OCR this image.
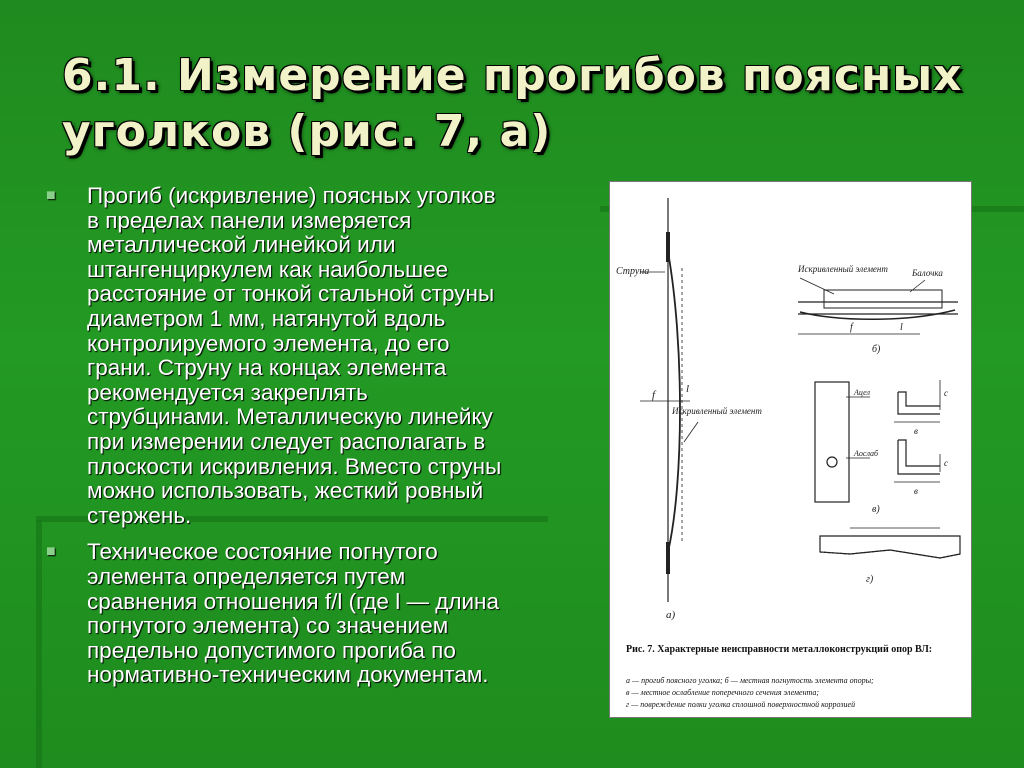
6.1. Измерение прогибов поясных уголков (рис. 7, а)
■ Прогиб (искривление) поясных уголков в пределах панели измеряется металлической линейкой или штангенциркулем как наибольшее расстояние от тонкой стальной струны диаметром 1 мм, натянутой вдоль контролируемого элемента, до его грани. Струну на концах элемента рекомендуется закреплять струбцинами. Металлическую линейку при измерении следует располагать в плоскости искривления. Вместо струны можно использовать, жесткий ровный стержень.
■ Техническое состояние погнутого элемента определяется путем сравнения отношения f/l (где l — длина погнутого элемента) со значением предельно допустимого прогиба по нормативно-техническим документам.
Струна
Искривленный элемент
f	l
а)
Искривленный элемент	Балочка
f	l
б)
Aцел
Aослаб
с
с
в
в
в)
г)
Рис. 7. Характерные неисправности металлоконструкций опор ВЛ:
а — прогиб поясного уголка; б — местная погнутость элемента опоры;
в — местное ослабление поперечного сечения элемента;
г — повреждение полки уголка сплошной поверхностной коррозией
